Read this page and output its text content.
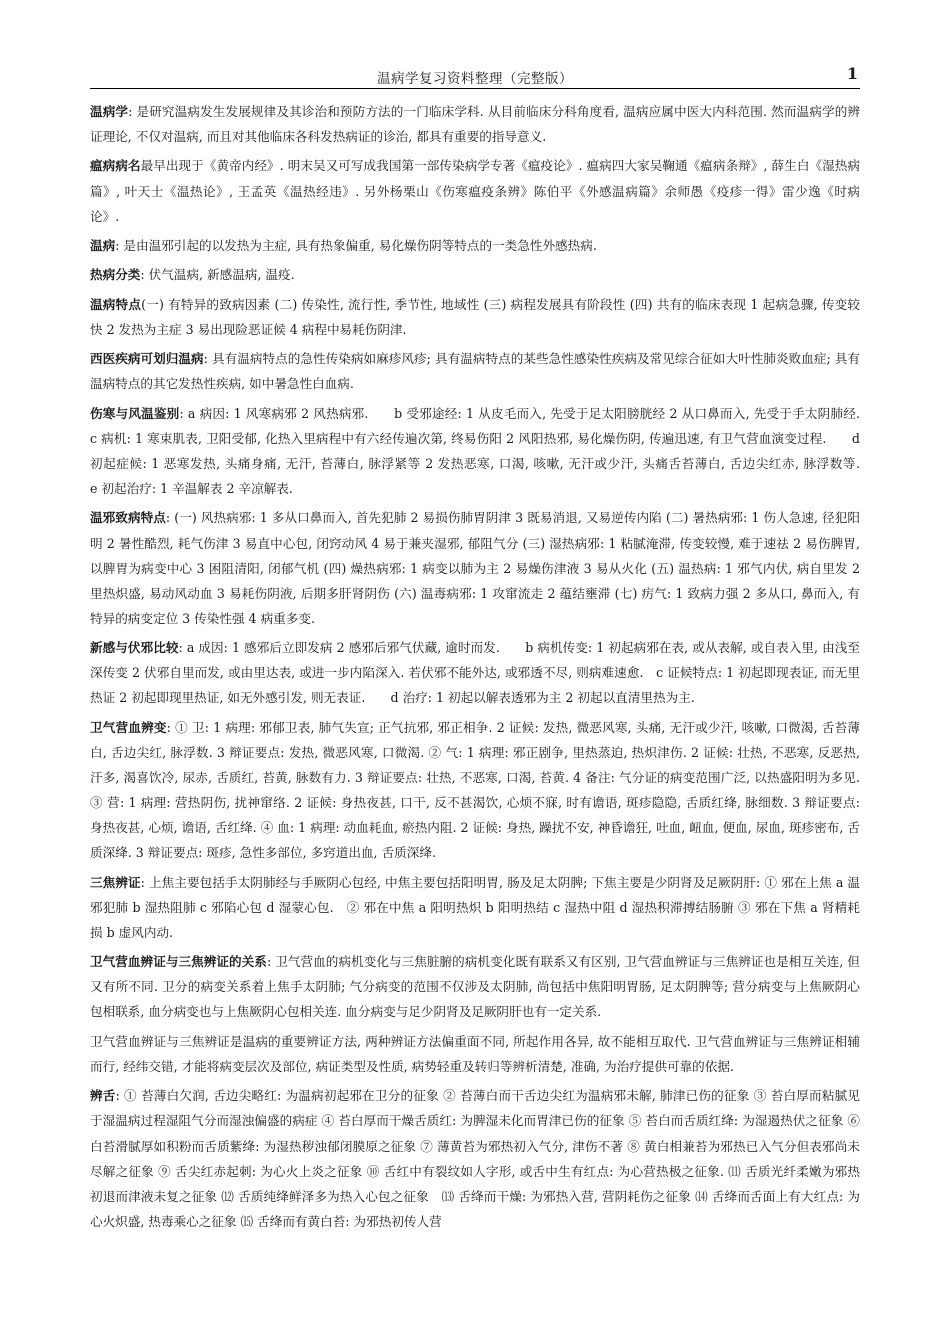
温病学复习资料整理（完整版）	1

温病学: 是研究温病发生发展规律及其诊治和预防方法的一门临床学科. 从目前临床分科角度看, 温病应属中医大内科范围. 然而温病学的辨证理论, 不仅对温病, 而且对其他临床各科发热病证的诊治, 都具有重要的指导意义.

瘟病病名最早出现于《黄帝内经》. 明末吴又可写成我国第一部传染病学专著《瘟疫论》. 瘟病四大家吴鞠通《瘟病条辩》, 薛生白《湿热病篇》, 叶天士《温热论》, 王孟英《温热经违》. 另外杨栗山《伤寒瘟疫条辨》陈伯平《外感温病篇》余师愚《疫疹一得》雷少逸《时病论》.

温病: 是由温邪引起的以发热为主症, 具有热象偏重, 易化燥伤阴等特点的一类急性外感热病.

热病分类: 伏气温病, 新感温病, 温疫.

温病特点(一) 有特异的致病因素 (二) 传染性, 流行性, 季节性, 地域性 (三) 病程发展具有阶段性 (四) 共有的临床表现 1 起病急骤, 传变较快 2 发热为主症 3 易出现险恶证候 4 病程中易耗伤阴津.

西医疾病可划归温病: 具有温病特点的急性传染病如麻疹风疹; 具有温病特点的某些急性感染性疾病及常见综合征如大叶性肺炎败血症; 具有温病特点的其它发热性疾病, 如中暑急性白血病.

伤寒与风温鉴别: a 病因: 1 风寒病邪 2 风热病邪.　　b 受邪途经: 1 从皮毛而入, 先受于足太阳膀胱经 2 从口鼻而入, 先受于手太阴肺经.　　c 病机: 1 寒束肌表, 卫阳受郁, 化热入里病程中有六经传遍次第, 终易伤阳 2 风阳热邪, 易化燥伤阴, 传遍迅速, 有卫气营血演变过程.　　d 初起症候: 1 恶寒发热, 头痛身痛, 无汗, 苔薄白, 脉浮紧等 2 发热恶寒, 口渴, 咳嗽, 无汗或少汗, 头痛舌苔薄白, 舌边尖红赤, 脉浮数等.　　e 初起治疗: 1 辛温解表 2 辛凉解表.

温邪致病特点: (一) 风热病邪: 1 多从口鼻而入, 首先犯肺 2 易损伤肺胃阴津 3 既易消退, 又易逆传内陷 (二) 暑热病邪: 1 伤人急速, 径犯阳明 2 暑性酷烈, 耗气伤津 3 易直中心包, 闭窍动风 4 易于兼夹湿邪, 郁阻气分 (三) 湿热病邪: 1 粘腻淹滞, 传变较慢, 难于速祛 2 易伤脾胃, 以脾胃为病变中心 3 困阻清阳, 闭郁气机 (四) 燥热病邪: 1 病变以肺为主 2 易燥伤津液 3 易从火化 (五) 温热病: 1 邪气内伏, 病自里发 2 里热炽盛, 易动风动血 3 易耗伤阴液, 后期多肝肾阴伤 (六) 温毒病邪: 1 攻窜流走 2 蕴结壅滞 (七) 疠气: 1 致病力强 2 多从口, 鼻而入, 有特异的病变定位 3 传染性强 4 病重多变.

新感与伏邪比较: a 成因: 1 感邪后立即发病 2 感邪后邪气伏藏, 逾时而发.　　b 病机传变: 1 初起病邪在表, 或从表解, 或自表入里, 由浅至深传变 2 伏邪自里而发, 或由里达表, 或进一步内陷深入. 若伏邪不能外达, 或邪透不尽, 则病难速愈.　c 证候特点: 1 初起即现表证, 而无里热证 2 初起即现里热证, 如无外感引发, 则无表证.　　d 治疗: 1 初起以解表透邪为主 2 初起以直清里热为主.

卫气营血辨变: ① 卫: 1 病理: 邪郁卫表, 肺气失宣; 正气抗邪, 邪正相争. 2 证候: 发热, 微恶风寒, 头痛, 无汗或少汗, 咳嗽, 口微渴, 舌苔薄白, 舌边尖红, 脉浮数. 3 辩证要点: 发热, 微恶风寒, 口微渴. ② 气: 1 病理: 邪正剧争, 里热蒸迫, 热炽津伤. 2 证候: 壮热, 不恶寒, 反恶热, 汗多, 渴喜饮冷, 尿赤, 舌质红, 苔黄, 脉数有力. 3 辩证要点: 壮热, 不恶寒, 口渴, 苔黄. 4 备注: 气分证的病变范围广泛, 以热盛阳明为多见. ③ 营: 1 病理: 营热阴伤, 扰神窜络. 2 证候: 身热夜甚, 口干, 反不甚渴饮, 心烦不寐, 时有谵语, 斑疹隐隐, 舌质红绛, 脉细数. 3 辩证要点: 身热夜甚, 心烦, 谵语, 舌红绛. ④ 血: 1 病理: 动血耗血, 瘀热内阻. 2 证候: 身热, 躁扰不安, 神昏谵狂, 吐血, 衄血, 便血, 尿血, 斑疹密布, 舌质深绛. 3 辩证要点: 斑疹, 急性多部位, 多窍道出血, 舌质深绛.

三焦辨证: 上焦主要包括手太阴肺经与手厥阴心包经, 中焦主要包括阳明胃, 肠及足太阴脾; 下焦主要是少阴肾及足厥阴肝: ① 邪在上焦 a 温邪犯肺 b 湿热阻肺 c 邪陷心包 d 湿蒙心包.　② 邪在中焦 a 阳明热炽 b 阳明热结 c 湿热中阻 d 湿热积滞搏结肠腑 ③ 邪在下焦 a 肾精耗损 b 虚风内动.

卫气营血辨证与三焦辨证的关系: 卫气营血的病机变化与三焦脏腑的病机变化既有联系又有区别, 卫气营血辨证与三焦辨证也是相互关连, 但又有所不同. 卫分的病变关系着上焦手太阴肺; 气分病变的范围不仅涉及太阴肺, 尚包括中焦阳明胃肠, 足太阴脾等; 营分病变与上焦厥阴心包相联系, 血分病变也与上焦厥阴心包相关连. 血分病变与足少阴肾及足厥阴肝也有一定关系.

卫气营血辨证与三焦辨证是温病的重要辨证方法, 两种辨证方法偏重面不同, 所起作用各异, 故不能相互取代. 卫气营血辨证与三焦辨证相辅而行, 经纬交错, 才能将病变层次及部位, 病证类型及性质, 病势轻重及转归等辨析清楚, 准确, 为治疗提供可靠的依据.

辨舌: ① 苔薄白欠润, 舌边尖略红: 为温病初起邪在卫分的征象 ② 苔薄白而干舌边尖红为温病邪未解, 肺津已伤的征象 ③ 苔白厚而粘腻见于湿温病过程湿阻气分而湿浊偏盛的病症 ④ 苔白厚而干燥舌质红: 为脾湿未化而胃津已伤的征象 ⑤ 苔白而舌质红绛: 为湿遏热伏之征象 ⑥ 白苔滑腻厚如积粉而舌质紫绛: 为湿热秽浊郁闭膜原之征象 ⑦ 薄黄苔为邪热初入气分, 津伤不著 ⑧ 黄白相兼苔为邪热已入气分但表邪尚未尽解之征象 ⑨ 舌尖红赤起刺: 为心火上炎之征象 ⑩ 舌红中有裂纹如人字形, 或舌中生有红点: 为心营热极之征象. ⑾ 舌质光纤柔嫩为邪热初退而津液未复之征象 ⑿ 舌质纯绛鲜泽多为热入心包之征象　⒀ 舌绛而干燥: 为邪热入营, 营阴耗伤之征象 ⒁ 舌绛而舌面上有大红点: 为心火炽盛, 热毒乘心之征象 ⒂ 舌绛而有黄白苔: 为邪热初传人营
